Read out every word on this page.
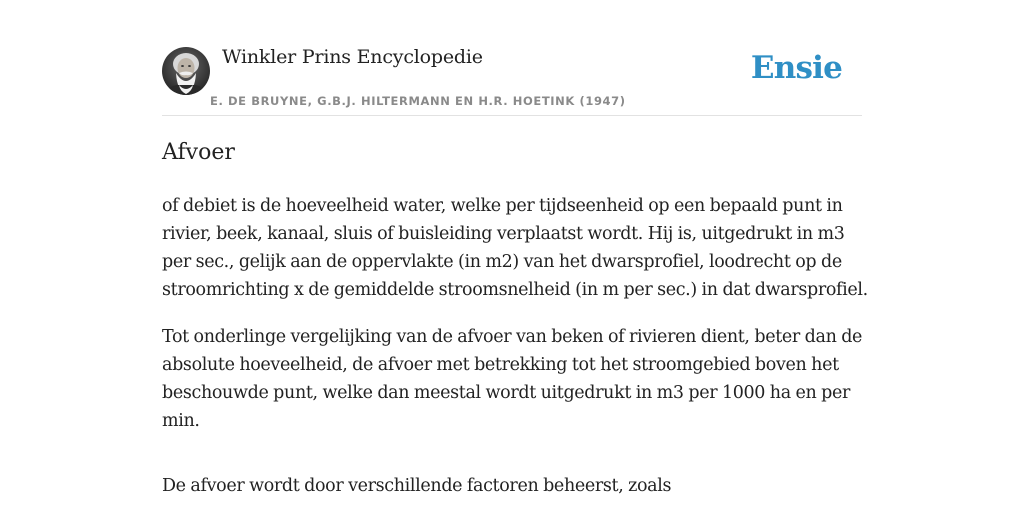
Winkler Prins Encyclopedie
E. DE BRUYNE, G.B.J. HILTERMANN EN H.R. HOETINK (1947)
Ensie
Afvoer

of debiet is de hoeveelheid water, welke per tijdseenheid op een bepaald punt in rivier, beek, kanaal, sluis of buisleiding verplaatst wordt. Hij is, uitgedrukt in m3 per sec., gelijk aan de oppervlakte (in m2) van het dwarsprofiel, loodrecht op de stroomrichting x de gemiddelde stroomsnelheid (in m per sec.) in dat dwarsprofiel.

Tot onderlinge vergelijking van de afvoer van beken of rivieren dient, beter dan de absolute hoeveelheid, de afvoer met betrekking tot het stroomgebied boven het beschouwde punt, welke dan meestal wordt uitgedrukt in m3 per 1000 ha en per min.

De afvoer wordt door verschillende factoren beheerst, zoals
